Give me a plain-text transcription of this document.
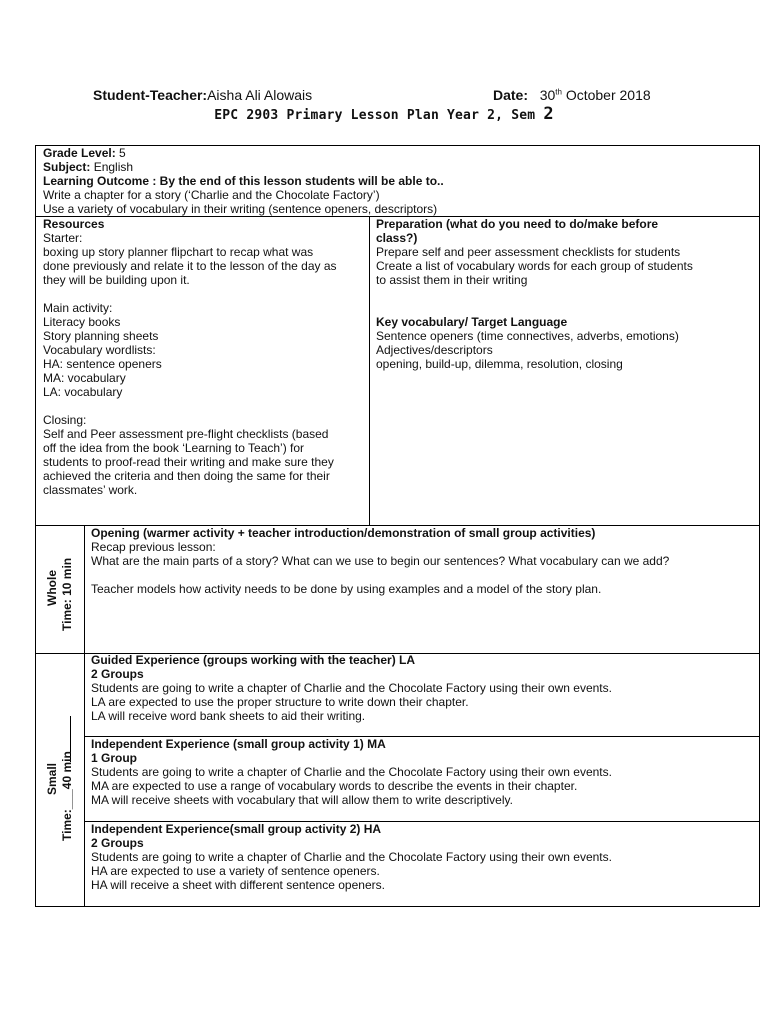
Student-Teacher:Aisha Ali Alowais	Date: 30th October 2018
EPC 2903 Primary Lesson Plan Year 2, Sem 2
Grade Level: 5
Subject: English
Learning Outcome : By the end of this lesson students will be able to..
Write a chapter for a story (‘Charlie and the Chocolate Factory’)
Use a variety of vocabulary in their writing (sentence openers, descriptors)
Resources
Starter:
boxing up story planner flipchart to recap what was
done previously and relate it to the lesson of the day as
they will be building upon it.
Main activity:
Literacy books
Story planning sheets
Vocabulary wordlists:
HA: sentence openers
MA: vocabulary
LA: vocabulary
Closing:
Self and Peer assessment pre-flight checklists (based
off the idea from the book ‘Learning to Teach’) for
students to proof-read their writing and make sure they
achieved the criteria and then doing the same for their
classmates’ work.
Preparation (what do you need to do/make before
class?)
Prepare self and peer assessment checklists for students
Create a list of vocabulary words for each group of students
to assist them in their writing
Key vocabulary/ Target Language
Sentence openers (time connectives, adverbs, emotions)
Adjectives/descriptors
opening, build-up, dilemma, resolution, closing
Whole Time: 10 min
Opening (warmer activity + teacher introduction/demonstration of small group activities)
Recap previous lesson:
What are the main parts of a story? What can we use to begin our sentences? What vocabulary can we add?
Teacher models how activity needs to be done by using examples and a model of the story plan.
Small Time:___40 min
Guided Experience (groups working with the teacher) LA
2 Groups
Students are going to write a chapter of Charlie and the Chocolate Factory using their own events.
LA are expected to use the proper structure to write down their chapter.
LA will receive word bank sheets to aid their writing.
Independent Experience (small group activity 1) MA
1 Group
Students are going to write a chapter of Charlie and the Chocolate Factory using their own events.
MA are expected to use a range of vocabulary words to describe the events in their chapter.
MA will receive sheets with vocabulary that will allow them to write descriptively.
Independent Experience(small group activity 2) HA
2 Groups
Students are going to write a chapter of Charlie and the Chocolate Factory using their own events.
HA are expected to use a variety of sentence openers.
HA will receive a sheet with different sentence openers.
